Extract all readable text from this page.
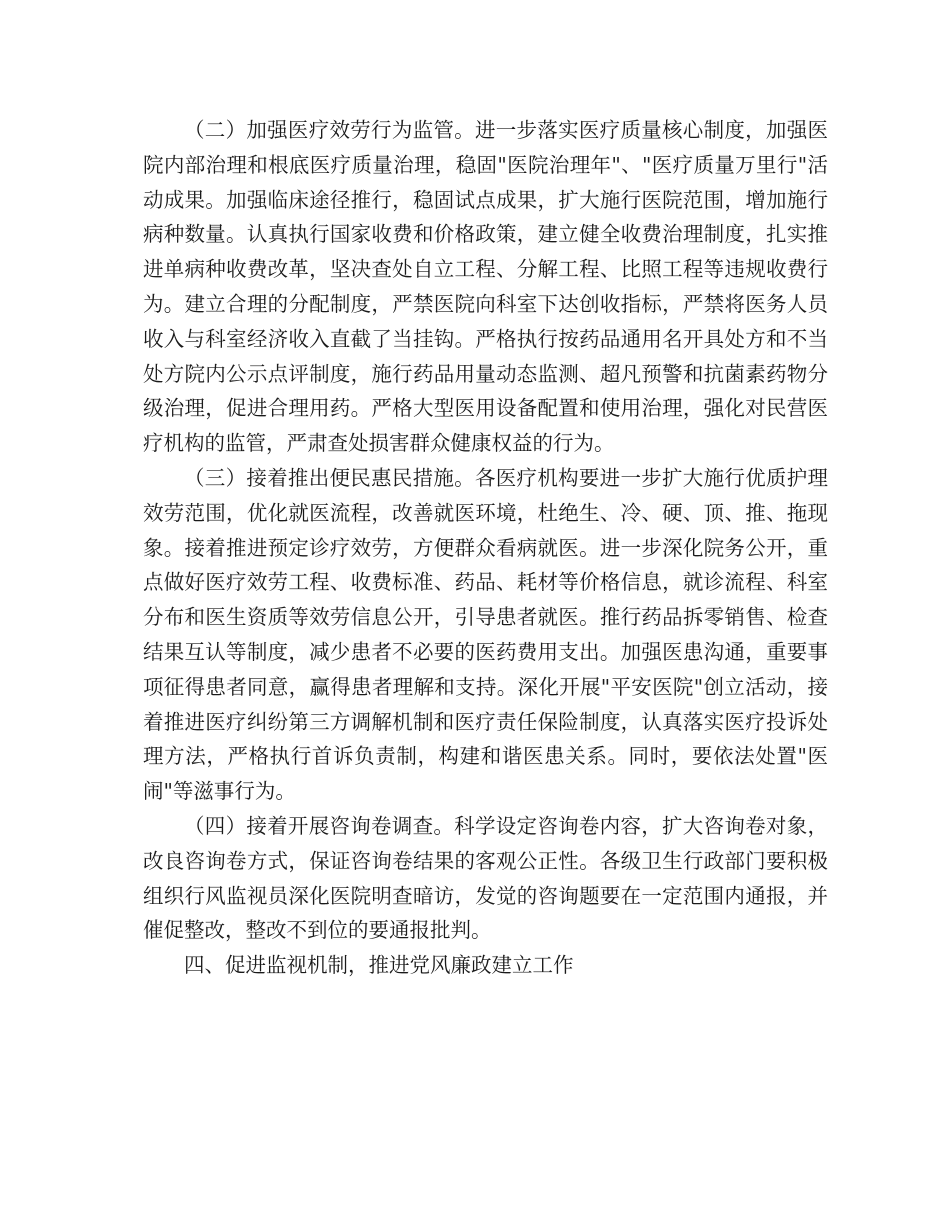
（二）加强医疗效劳行为监管。进一步落实医疗质量核心制度，加强医院内部治理和根底医疗质量治理，稳固"医院治理年"、"医疗质量万里行"活动成果。加强临床途径推行，稳固试点成果，扩大施行医院范围，增加施行病种数量。认真执行国家收费和价格政策，建立健全收费治理制度，扎实推进单病种收费改革，坚决查处自立工程、分解工程、比照工程等违规收费行为。建立合理的分配制度，严禁医院向科室下达创收指标，严禁将医务人员收入与科室经济收入直截了当挂钩。严格执行按药品通用名开具处方和不当处方院内公示点评制度，施行药品用量动态监测、超凡预警和抗菌素药物分级治理，促进合理用药。严格大型医用设备配置和使用治理，强化对民营医疗机构的监管，严肃查处损害群众健康权益的行为。

（三）接着推出便民惠民措施。各医疗机构要进一步扩大施行优质护理效劳范围，优化就医流程，改善就医环境，杜绝生、冷、硬、顶、推、拖现象。接着推进预定诊疗效劳，方便群众看病就医。进一步深化院务公开，重点做好医疗效劳工程、收费标准、药品、耗材等价格信息，就诊流程、科室分布和医生资质等效劳信息公开，引导患者就医。推行药品拆零销售、检查结果互认等制度，减少患者不必要的医药费用支出。加强医患沟通，重要事项征得患者同意，赢得患者理解和支持。深化开展"平安医院"创立活动，接着推进医疗纠纷第三方调解机制和医疗责任保险制度，认真落实医疗投诉处理方法，严格执行首诉负责制，构建和谐医患关系。同时，要依法处置"医闹"等滋事行为。

（四）接着开展咨询卷调查。科学设定咨询卷内容，扩大咨询卷对象，改良咨询卷方式，保证咨询卷结果的客观公正性。各级卫生行政部门要积极组织行风监视员深化医院明查暗访，发觉的咨询题要在一定范围内通报，并催促整改，整改不到位的要通报批判。

四、促进监视机制，推进党风廉政建立工作
